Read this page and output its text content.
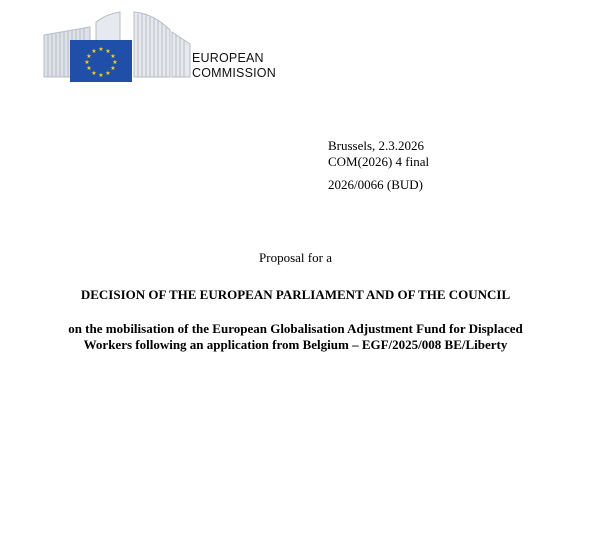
★ ★
★
★
★
★
★
★
★
★
★
★	EUROPEAN
COMMISSION
Brussels, 2.3.2026
COM(2026) 4 final
2026/0066 (BUD)
Proposal for a
DECISION OF THE EUROPEAN PARLIAMENT AND OF THE COUNCIL
on the mobilisation of the European Globalisation Adjustment Fund for Displaced
Workers following an application from Belgium – EGF/2025/008 BE/Liberty
